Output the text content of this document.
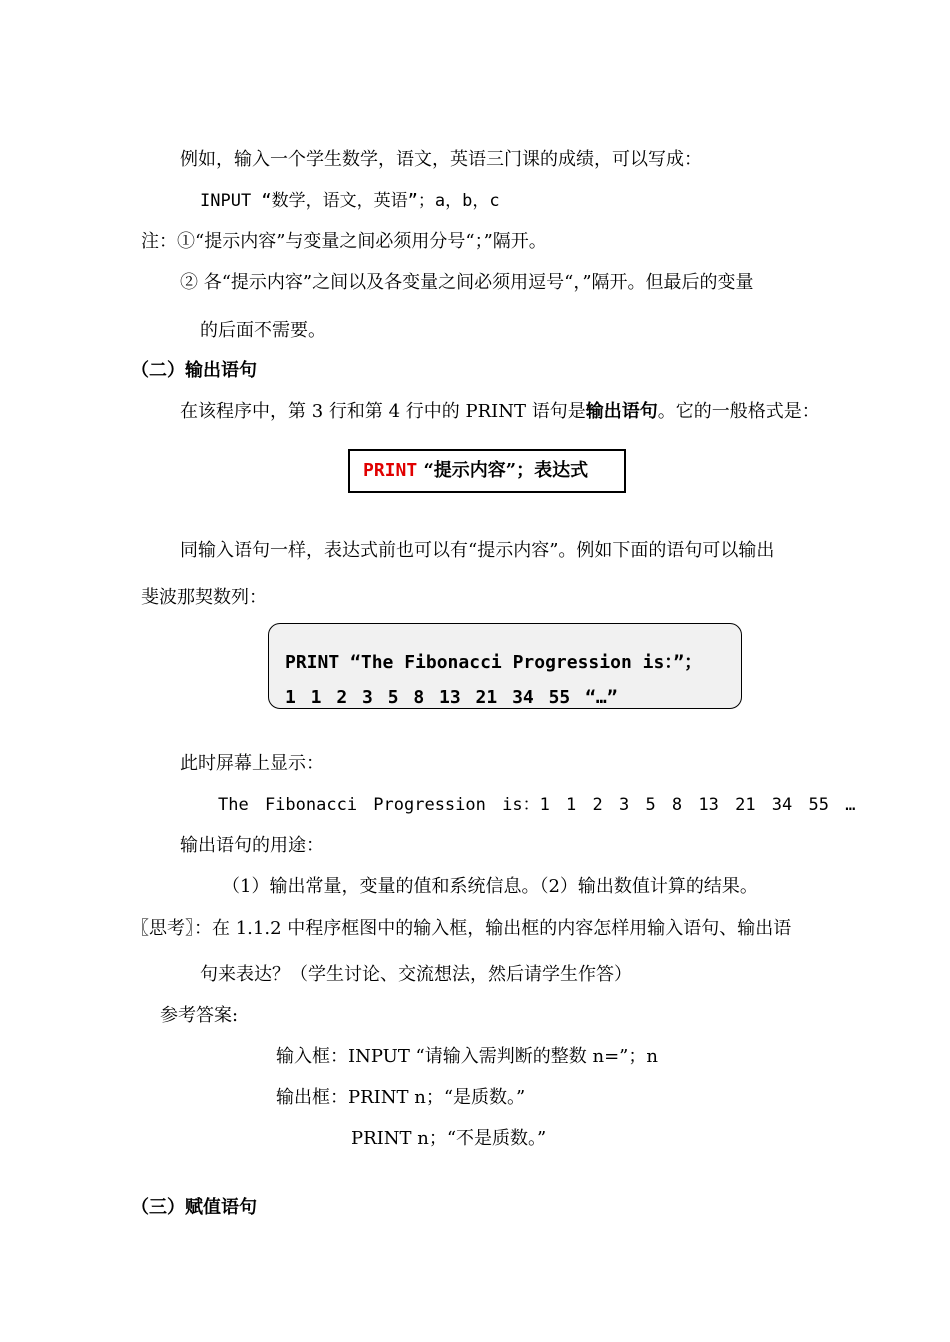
例如，输入一个学生数学，语文，英语三门课的成绩，可以写成：
INPUT “数学，语文，英语”；a，b，c
注：①“提示内容”与变量之间必须用分号“；”隔开。
② 各“提示内容”之间以及各变量之间必须用逗号“，”隔开。但最后的变量
的后面不需要。
（二）输出语句
在该程序中，第 3 行和第 4 行中的 PRINT 语句是输出语句。它的一般格式是：
PRINT “提示内容”；表达式
同输入语句一样，表达式前也可以有“提示内容”。例如下面的语句可以输出
斐波那契数列：
PRINT “The Fibonacci Progression is：”；
1 1 2 3 5 8 13 21 34 55 “…”
此时屏幕上显示：
The Fibonacci Progression is：1 1 2 3 5 8 13 21 34 55 …
输出语句的用途：
（1）输出常量，变量的值和系统信息。（2）输出数值计算的结果。
〖思考〗：在 1.1.2 中程序框图中的输入框，输出框的内容怎样用输入语句、输出语
句来表达？（学生讨论、交流想法，然后请学生作答）
参考答案:
输入框：INPUT “请输入需判断的整数 n=”；n
输出框：PRINT n；“是质数。”
PRINT n；“不是质数。”
（三）赋值语句
